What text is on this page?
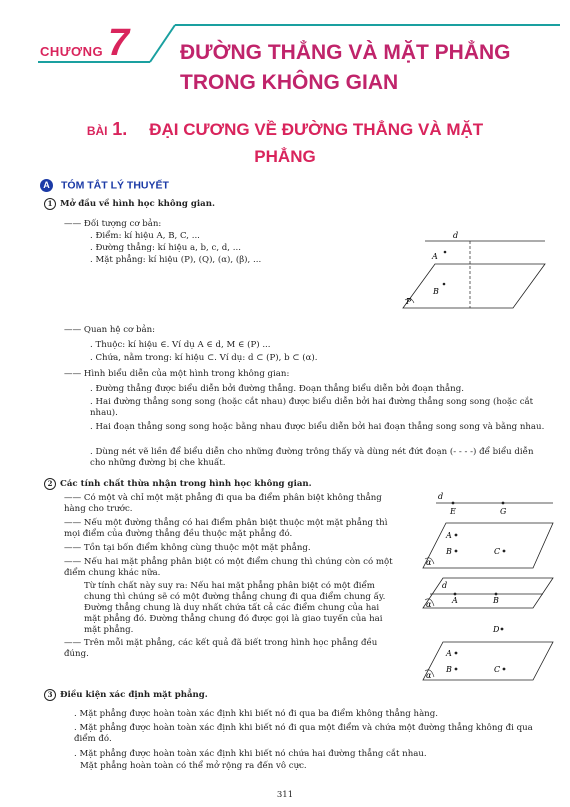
CHƯƠNG 7 ĐƯỜNG THẲNG VÀ MẶT PHẲNG
TRONG KHÔNG GIAN
BÀI 1. ĐẠI CƯƠNG VỀ ĐƯỜNG THẲNG VÀ MẶT
PHẲNG
A TÓM TẮT LÝ THUYẾT
1 Mở đầu về hình học không gian.
—— Đối tượng cơ bản:
. Điểm: kí hiệu A, B, C, ...
. Đường thẳng: kí hiệu a, b, c, d, ...
. Mặt phẳng: kí hiệu (P), (Q), (α), (β), ...
d
A
B
P
—— Quan hệ cơ bản:
. Thuộc: kí hiệu ∈. Ví dụ A ∈ d, M ∈ (P) ...
. Chứa, nằm trong: kí hiệu ⊂. Ví dụ: d ⊂ (P), b ⊂ (α).
—— Hình biểu diễn của một hình trong không gian:
. Đường thẳng được biểu diễn bởi đường thẳng. Đoạn thẳng biểu diễn bởi đoạn thẳng.
. Hai đường thẳng song song (hoặc cắt nhau) được biểu diễn bởi hai đường thẳng song song (hoặc cắt nhau).
. Hai đoạn thẳng song song hoặc bằng nhau được biểu diễn bởi hai đoạn thẳng song song và bằng nhau.
. Dùng nét vẽ liền để biểu diễn cho những đường trông thấy và dùng nét đứt đoạn (- - - -) để biểu diễn cho những đường bị che khuất.
2 Các tính chất thừa nhận trong hình học không gian.
—— Có một và chỉ một mặt phẳng đi qua ba điểm phân biệt không thẳng hàng cho trước.
—— Nếu một đường thẳng có hai điểm phân biệt thuộc một mặt phẳng thì mọi điểm của đường thẳng đều thuộc mặt phẳng đó.
—— Tồn tại bốn điểm không cùng thuộc một mặt phẳng.
—— Nếu hai mặt phẳng phân biệt có một điểm chung thì chúng còn có một điểm chung khác nữa.
Từ tính chất này suy ra: Nếu hai mặt phẳng phân biệt có một điểm chung thì chúng sẽ có một đường thẳng chung đi qua điểm chung ấy. Đường thẳng chung là duy nhất chứa tất cả các điểm chung của hai mặt phẳng đó. Đường thẳng chung đó được gọi là giao tuyến của hai mặt phẳng.
—— Trên mỗi mặt phẳng, các kết quả đã biết trong hình học phẳng đều đúng.
d
E	G
A
B	C
α
d
A	B
α
D
A
B	C
α
3 Điều kiện xác định mặt phẳng.
. Mặt phẳng được hoàn toàn xác định khi biết nó đi qua ba điểm không thẳng hàng.
. Mặt phẳng được hoàn toàn xác định khi biết nó đi qua một điểm và chứa một đường thẳng không đi qua điểm đó.
. Mặt phẳng được hoàn toàn xác định khi biết nó chứa hai đường thẳng cắt nhau.
Mặt phẳng hoàn toàn có thể mở rộng ra đến vô cực.
311
